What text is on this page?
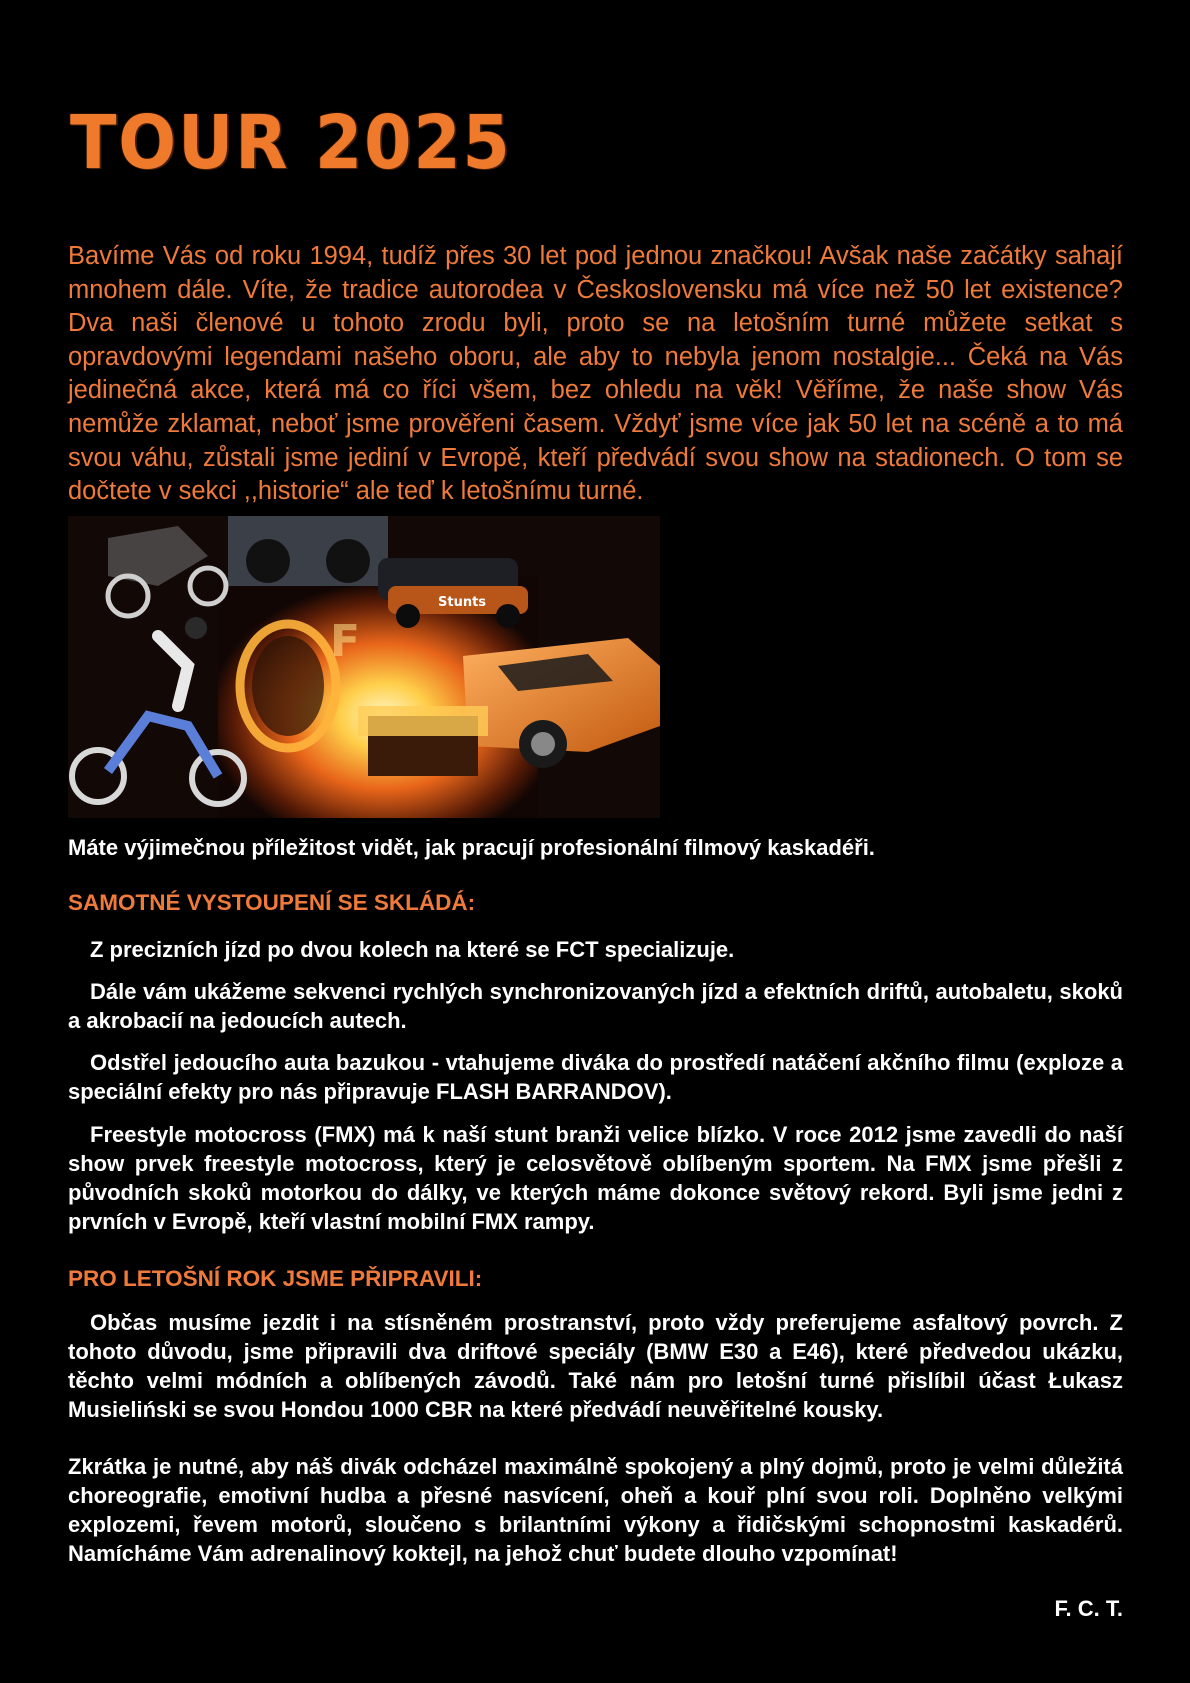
TOUR 2025

Bavíme Vás od roku 1994, tudíž přes 30 let pod jednou značkou! Avšak naše začátky sahají mnohem dále. Víte, že tradice autorodea v Československu má více než 50 let existence? Dva naši členové u tohoto zrodu byli, proto se na letošním turné můžete setkat s opravdovými legendami našeho oboru, ale aby to nebyla jenom nostalgie... Čeká na Vás jedinečná akce, která má co říci všem, bez ohledu na věk! Věříme, že naše show Vás nemůže zklamat, neboť jsme prověřeni časem. Vždyť jsme více jak 50 let na scéně a to má svou váhu, zůstali jsme jediní v Evropě, kteří předvádí svou show na stadionech. O tom se dočtete v sekci ,,historie“ ale teď k letošnímu turné.

Stunts
F

Máte výjimečnou příležitost vidět, jak pracují profesionální filmový kaskadéři.

SAMOTNÉ VYSTOUPENÍ SE SKLÁDÁ:

Z precizních jízd po dvou kolech na které se FCT specializuje.

Dále vám ukážeme sekvenci rychlých synchronizovaných jízd a efektních driftů, autobaletu, skoků a akrobacií na jedoucích autech.

Odstřel jedoucího auta bazukou - vtahujeme diváka do prostředí natáčení akčního filmu (exploze a speciální efekty pro nás připravuje FLASH BARRANDOV).

Freestyle motocross (FMX) má k naší stunt branži velice blízko. V roce 2012 jsme zavedli do naší show prvek freestyle motocross, který je celosvětově oblíbeným sportem. Na FMX jsme přešli z původních skoků motorkou do dálky, ve kterých máme dokonce světový rekord. Byli jsme jedni z prvních v Evropě, kteří vlastní mobilní FMX rampy.

PRO LETOŠNÍ ROK JSME PŘIPRAVILI:

Občas musíme jezdit i na stísněném prostranství, proto vždy preferujeme asfaltový povrch. Z tohoto důvodu, jsme připravili dva driftové speciály (BMW E30 a E46), které předvedou ukázku, těchto velmi módních a oblíbených závodů. Také nám pro letošní turné přislíbil účast Łukasz Musieliński se svou Hondou 1000 CBR na které předvádí neuvěřitelné kousky.

Zkrátka je nutné, aby náš divák odcházel maximálně spokojený a plný dojmů, proto je velmi důležitá choreografie, emotivní hudba a přesné nasvícení, oheň a kouř plní svou roli. Doplněno velkými explozemi, řevem motorů, sloučeno s brilantními výkony a řidičskými schopnostmi kaskadérů. Namícháme Vám adrenalinový koktejl, na jehož chuť budete dlouho vzpomínat!

F. C. T.
